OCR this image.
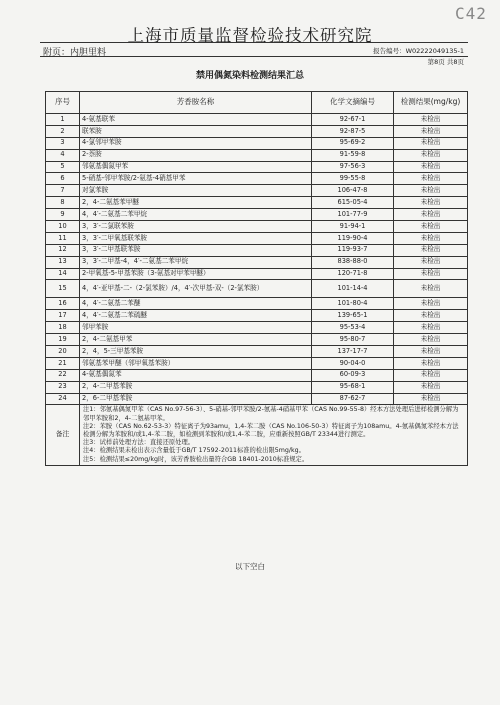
C42
上海市质量监督检验技术研究院
附页：内胆里料	报告编号：W02222049135-1
第8页 共8页
禁用偶氮染料检测结果汇总
序号	芳香胺名称	化学文摘编号	检测结果(mg/kg)
1	4-氨基联苯	92-67-1	未检出
2	联苯胺	92-87-5	未检出
3	4-氯邻甲苯胺	95-69-2	未检出
4	2-萘胺	91-59-8	未检出
5	邻氨基偶氮甲苯	97-56-3	未检出
6	5-硝基-邻甲苯胺/2-氨基-4硝基甲苯	99-55-8	未检出
7	对氯苯胺	106-47-8	未检出
8	2，4-二氨基苯甲醚	615-05-4	未检出
9	4，4′-二氨基二苯甲烷	101-77-9	未检出
10	3，3′-二氯联苯胺	91-94-1	未检出
11	3，3′-二甲氧基联苯胺	119-90-4	未检出
12	3，3′-二甲基联苯胺	119-93-7	未检出
13	3，3′-二甲基-4，4′-二氨基二苯甲烷	838-88-0	未检出
14	2-甲氧基-5-甲基苯胺（3-氨基对甲苯甲醚）	120-71-8	未检出
15	4，4′-亚甲基-二-（2-氯苯胺）/4，4′-次甲基-双-（2-氯苯胺）	101-14-4	未检出
16	4，4′-二氨基二苯醚	101-80-4	未检出
17	4，4′-二氨基二苯硫醚	139-65-1	未检出
18	邻甲苯胺	95-53-4	未检出
19	2，4-二氨基甲苯	95-80-7	未检出
20	2，4，5-三甲基苯胺	137-17-7	未检出
21	邻氨基苯甲醚（邻甲氧基苯胺）	90-04-0	未检出
22	4-氨基偶氮苯	60-09-3	未检出
23	2，4-二甲基苯胺	95-68-1	未检出
24	2，6-二甲基苯胺	87-62-7	未检出
备注	注1：邻氨基偶氮甲苯（CAS No.97-56-3）、5-硝基-邻甲苯胺/2-氨基-4硝基甲苯（CAS No.99-55-8）经本方法处理后进样检测分解为邻甲苯胺和2，4-二氨基甲苯。
注2：苯胺（CAS No.62-53-3）特征离子为93amu，1,4-苯二胺（CAS No.106-50-3）特征离子为108amu。4-氨基偶氮苯经本方法检测分解为苯胺和/或1,4-苯二胺，如检测到苯胺和/或1,4-苯二胺，应重新按照GB/T 23344进行测定。
注3：试样前处理方法：直接还原处理。
注4：检测结果未检出表示含量低于GB/T 17592-2011标准的检出限5mg/kg。
注5：检测结果≤20mg/kg时，该芳香胺检出量符合GB 18401-2010标准规定。		
以下空白
